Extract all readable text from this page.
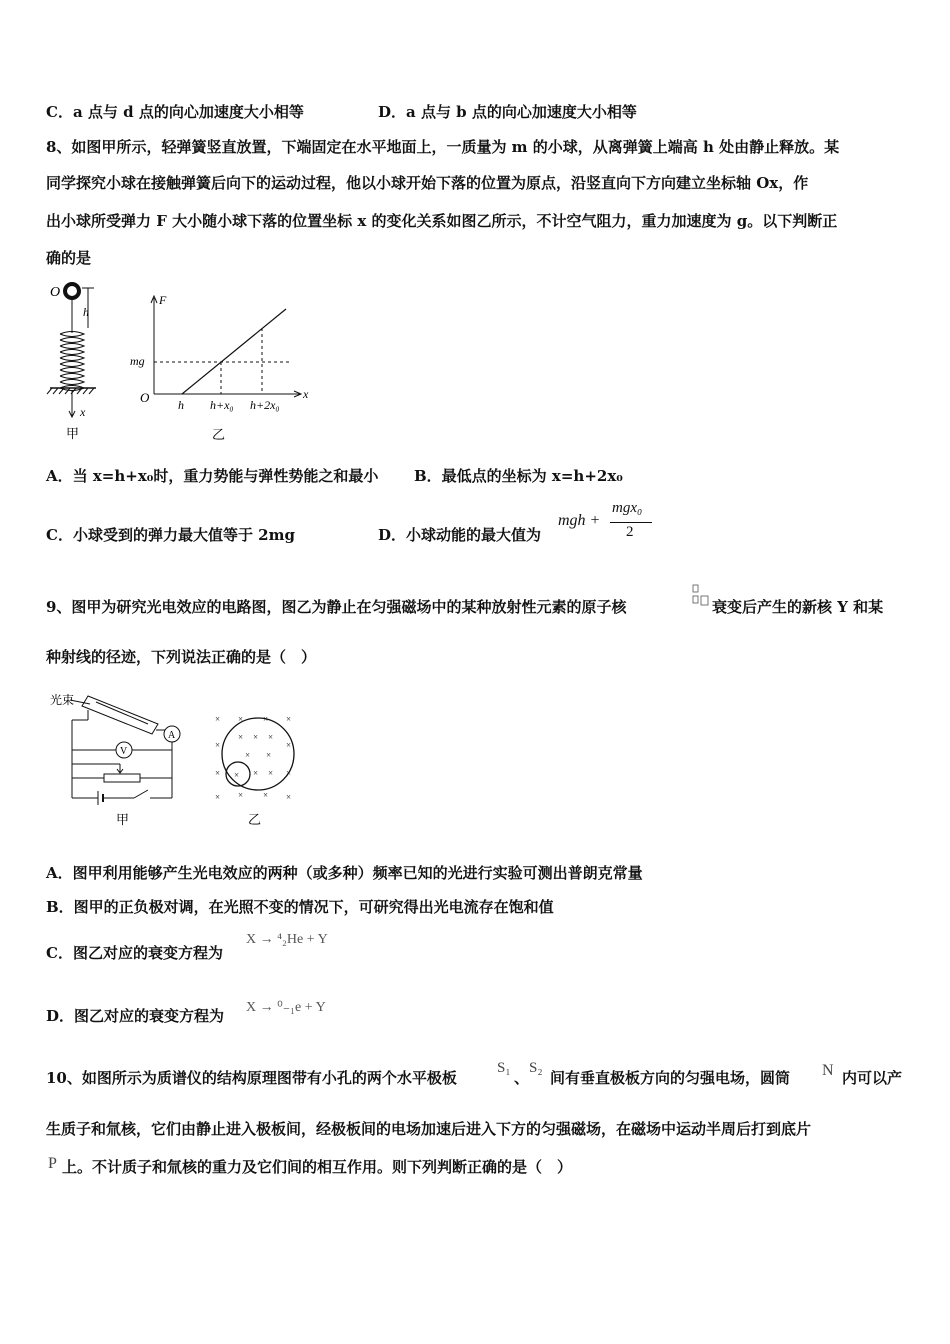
C．a 点与 d 点的向心加速度大小相等	D．a 点与 b 点的向心加速度大小相等
8、如图甲所示，轻弹簧竖直放置，下端固定在水平地面上，一质量为 m 的小球，从离弹簧上端高 h 处由静止释放。某
同学探究小球在接触弹簧后向下的运动过程，他以小球开始下落的位置为原点，沿竖直向下方向建立坐标轴 Ox，作
出小球所受弹力 F 大小随小球下落的位置坐标 x 的变化关系如图乙所示，不计空气阻力，重力加速度为 g。以下判断正
确的是
O
h
x
甲
F
x
O
mg
h h+x₀ h+2x₀
乙
A．当 x=h+x₀时，重力势能与弹性势能之和最小 B．最低点的坐标为 x=h+2x₀
C．小球受到的弹力最大值等于 2mg	D．小球动能的最大值为
mgh +
mgx₀
2
9、图甲为研究光电效应的电路图，图乙为静止在匀强磁场中的某种放射性元素的原子核	衰变后产生的新核 Y 和某
种射线的径迹，下列说法正确的是（　）
光束
A
V
甲
× × × ×
×
× × ×
×
× ×
× × ×
×	×
× ×
×	×
乙
A．图甲利用能够产生光电效应的两种（或多种）频率已知的光进行实验可测出普朗克常量
B．图甲的正负极对调，在光照不变的情况下，可研究得出光电流存在饱和值
C．图乙对应的衰变方程为
X → ⁴₂He + Y
D．图乙对应的衰变方程为 X → ⁰₋₁e + Y
10、如图所示为质谱仪的结构原理图带有小孔的两个水平极板
S₁
、
S₂
间有垂直极板方向的匀强电场，圆筒 N 内可以产
生质子和氚核，它们由静止进入极板间，经极板间的电场加速后进入下方的匀强磁场，在磁场中运动半周后打到底片
P 上。不计质子和氚核的重力及它们间的相互作用。则下列判断正确的是（　）
